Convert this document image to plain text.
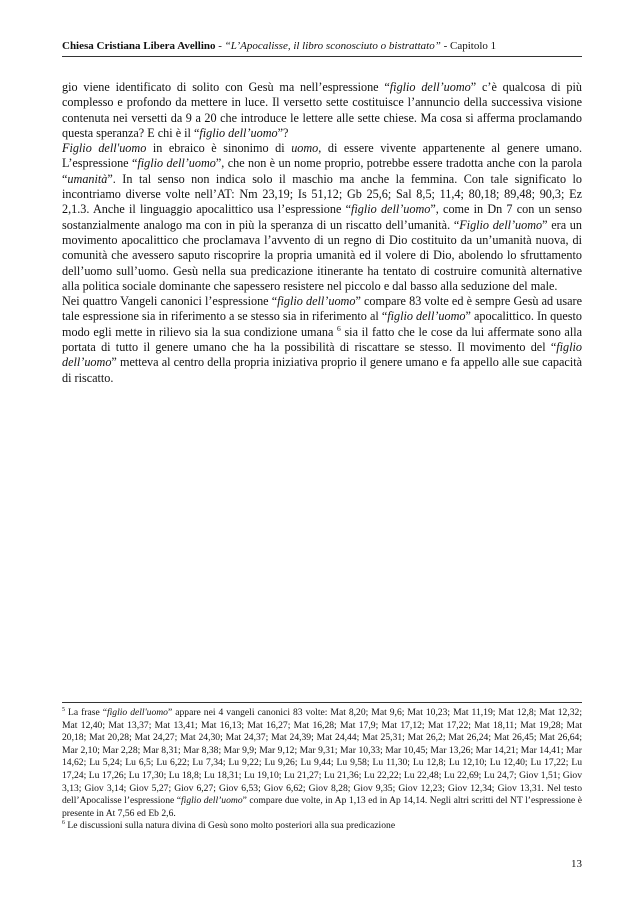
Chiesa Cristiana Libera Avellino - “L’Apocalisse, il libro sconosciuto o bistrattato” - Capitolo 1

gio viene identificato di solito con Gesù ma nell’espressione “figlio dell’uomo” c’è qualcosa di più complesso e profondo da mettere in luce. Il versetto sette costituisce l’annuncio della successiva visione contenuta nei versetti da 9 a 20 che introduce le lettere alle sette chiese. Ma cosa si afferma proclamando questa speranza? E chi è il “figlio dell’uomo”?

Figlio dell'uomo in ebraico è sinonimo di uomo, di essere vivente appartenente al genere umano. L’espressione “figlio dell’uomo”, che non è un nome proprio, potrebbe essere tradotta anche con la parola “umanità”. In tal senso non indica solo il maschio ma anche la femmina. Con tale significato lo incontriamo diverse volte nell’AT: Nm 23,19; Is 51,12; Gb 25,6; Sal 8,5; 11,4; 80,18; 89,48; 90,3; Ez 2,1.3. Anche il linguaggio apocalittico usa l’espressione “figlio dell’uomo”, come in Dn 7 con un senso sostanzialmente analogo ma con in più la speranza di un riscatto dell’umanità. “Figlio dell’uomo” era un movimento apocalittico che proclamava l’avvento di un regno di Dio costituito da un’umanità nuova, di comunità che avessero saputo riscoprire la propria umanità ed il volere di Dio, abolendo lo sfruttamento dell’uomo sull’uomo. Gesù nella sua predicazione itinerante ha tentato di costruire comunità alternative alla politica sociale dominante che sapessero resistere nel piccolo e dal basso alla seduzione del male.

Nei quattro Vangeli canonici l’espressione “figlio dell’uomo” compare 83 volte ed è sempre Gesù ad usare tale espressione sia in riferimento a se stesso sia in riferimento al “figlio dell’uomo” apocalittico. In questo modo egli mette in rilievo sia la sua condizione umana $^6$ sia il fatto che le cose da lui affermate sono alla portata di tutto il genere umano che ha la possibilità di riscattare se stesso. Il movimento del “figlio dell’uomo” metteva al centro della propria iniziativa proprio il genere umano e fa appello alle sue capacità di riscatto.

$^5$ La frase “figlio dell'uomo” appare nei 4 vangeli canonici 83 volte: Mat 8,20; Mat 9,6; Mat 10,23; Mat 11,19; Mat 12,8; Mat 12,32; Mat 12,40; Mat 13,37; Mat 13,41; Mat 16,13; Mat 16,27; Mat 16,28; Mat 17,9; Mat 17,12; Mat 17,22; Mat 18,11; Mat 19,28; Mat 20,18; Mat 20,28; Mat 24,27; Mat 24,30; Mat 24,37; Mat 24,39; Mat 24,44; Mat 25,31; Mat 26,2; Mat 26,24; Mat 26,45; Mat 26,64; Mar 2,10; Mar 2,28; Mar 8,31; Mar 8,38; Mar 9,9; Mar 9,12; Mar 9,31; Mar 10,33; Mar 10,45; Mar 13,26; Mar 14,21; Mar 14,41; Mar 14,62; Lu 5,24; Lu 6,5; Lu 6,22; Lu 7,34; Lu 9,22; Lu 9,26; Lu 9,44; Lu 9,58; Lu 11,30; Lu 12,8; Lu 12,10; Lu 12,40; Lu 17,22; Lu 17,24; Lu 17,26; Lu 17,30; Lu 18,8; Lu 18,31; Lu 19,10; Lu 21,27; Lu 21,36; Lu 22,22; Lu 22,48; Lu 22,69; Lu 24,7; Giov 1,51; Giov 3,13; Giov 3,14; Giov 5,27; Giov 6,27; Giov 6,53; Giov 6,62; Giov 8,28; Giov 9,35; Giov 12,23; Giov 12,34; Giov 13,31. Nel testo dell’Apocalisse l’espressione “figlio dell’uomo” compare due volte, in Ap 1,13 ed in Ap 14,14. Negli altri scritti del NT l’espressione è presente in At 7,56 ed Eb 2,6.

$^6$ Le discussioni sulla natura divina di Gesù sono molto posteriori alla sua predicazione

13
